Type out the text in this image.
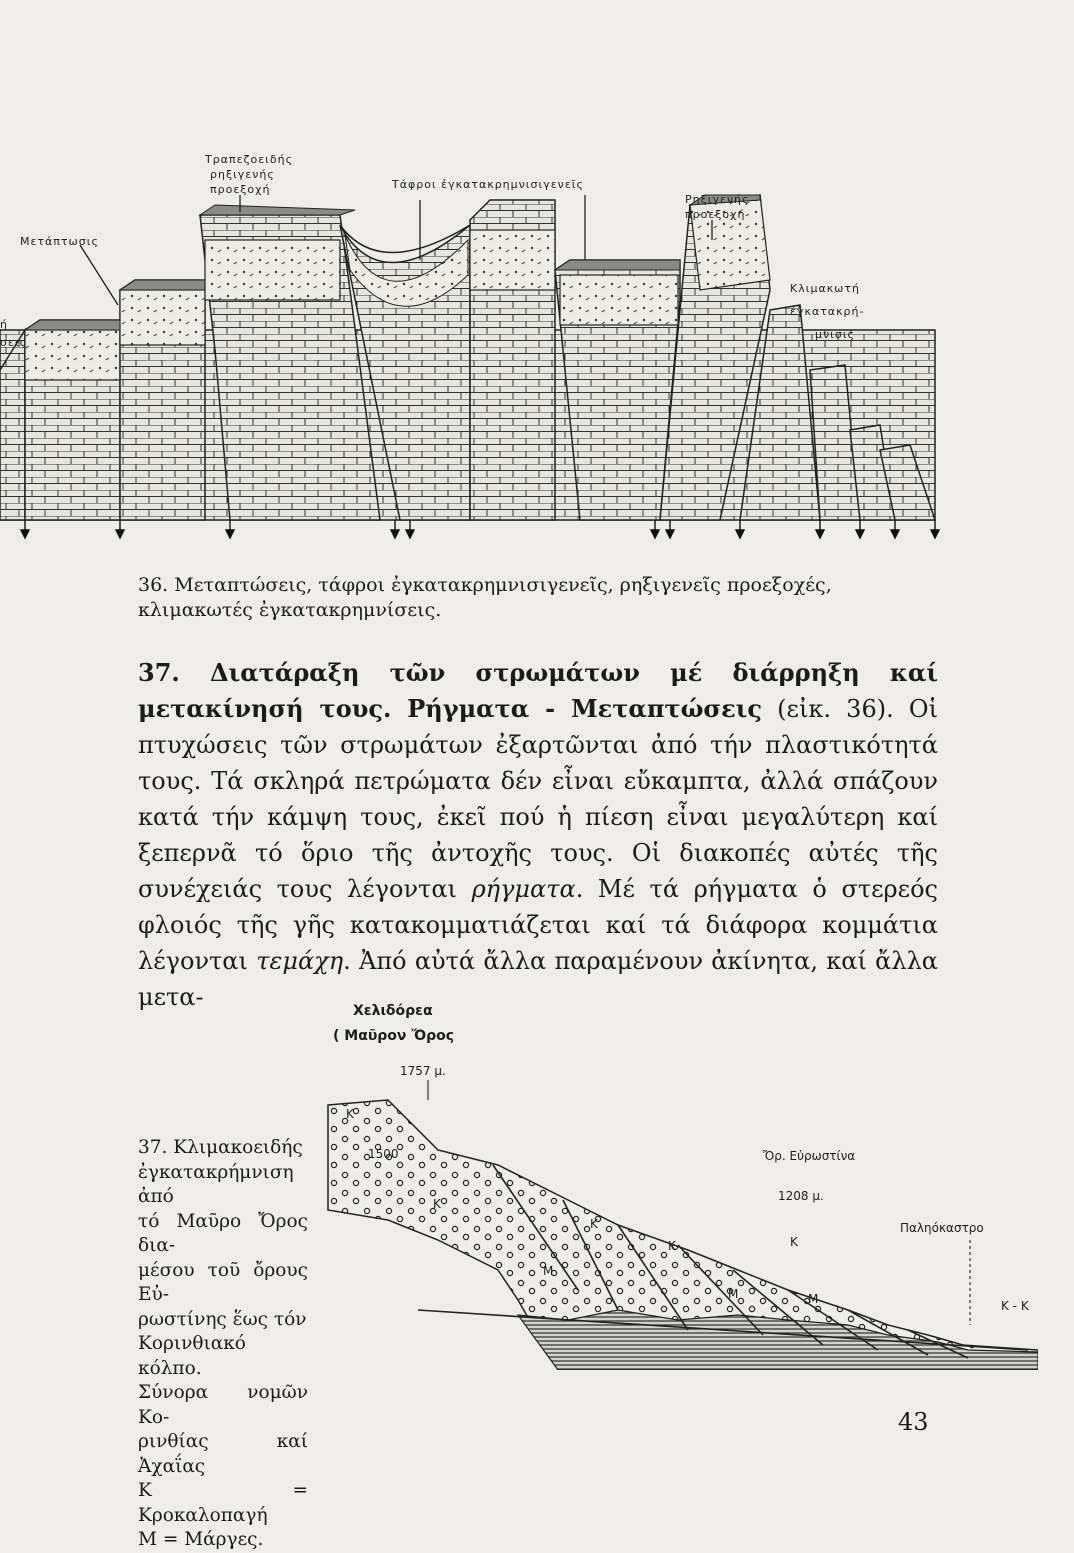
Μετάπτωσις
ή
σεις
Τραπεζοειδής
ρηξιγενής
προεξοχή	Τάφροι ἐγκατακρημνισιγενεῖς
Ρηξιγενής
προεξοχή
Κλιμακωτή
ἐγκατακρή-
μνισις

36. Μεταπτώσεις, τάφροι ἐγκατακρημνισιγενεῖς, ρηξιγενεῖς προεξοχές, κλιμακωτές ἐγκατακρημνίσεις.

37. Διατάραξη τῶν στρωμάτων μέ διάρρηξη καί μετακίνησή τους. Ρήγματα - Μεταπτώσεις (εἰκ. 36). Οἱ πτυχώσεις τῶν στρωμάτων ἐξαρτῶνται ἀπό τήν πλαστικότητά τους. Τά σκληρά πετρώματα δέν εἶναι εὔκαμπτα, ἀλλά σπάζουν κατά τήν κάμψη τους, ἐκεῖ πού ἡ πίεση εἶναι μεγαλύτερη καί ξεπερνᾶ τό ὅριο τῆς ἀντοχῆς τους. Οἱ διακοπές αὐτές τῆς συνέχειάς τους λέγονται ρήγματα. Μέ τά ρήγματα ὁ στερεός φλοιός τῆς γῆς κατακομματιάζεται καί τά διάφορα κομμάτια λέγονται τεμάχη. Ἀπό αὐτά ἄλλα παραμένουν ἀκίνητα, καί ἄλλα μετα-	Χελιδόρεα
( Μαῦρον Ὄρος
1757 μ.
1500	Ὄρ. Εὐρωστίνα
1208 μ.
Παληόκαστρο
Κ - Κ
K
K
K
K	K
M
M	M
37. Κλιμακοειδής
ἐγκατακρήμνιση ἀπό
τό Μαῦρο Ὄρος δια-
μέσου τοῦ ὄρους Εὐ-
ρωστίνης ἕως τόν
Κορινθιακό κόλπο.
Σύνορα νομῶν Κο-
ρινθίας καί Ἀχαΐας
Κ = Κροκαλοπαγή
Μ = Μάργες.

43
